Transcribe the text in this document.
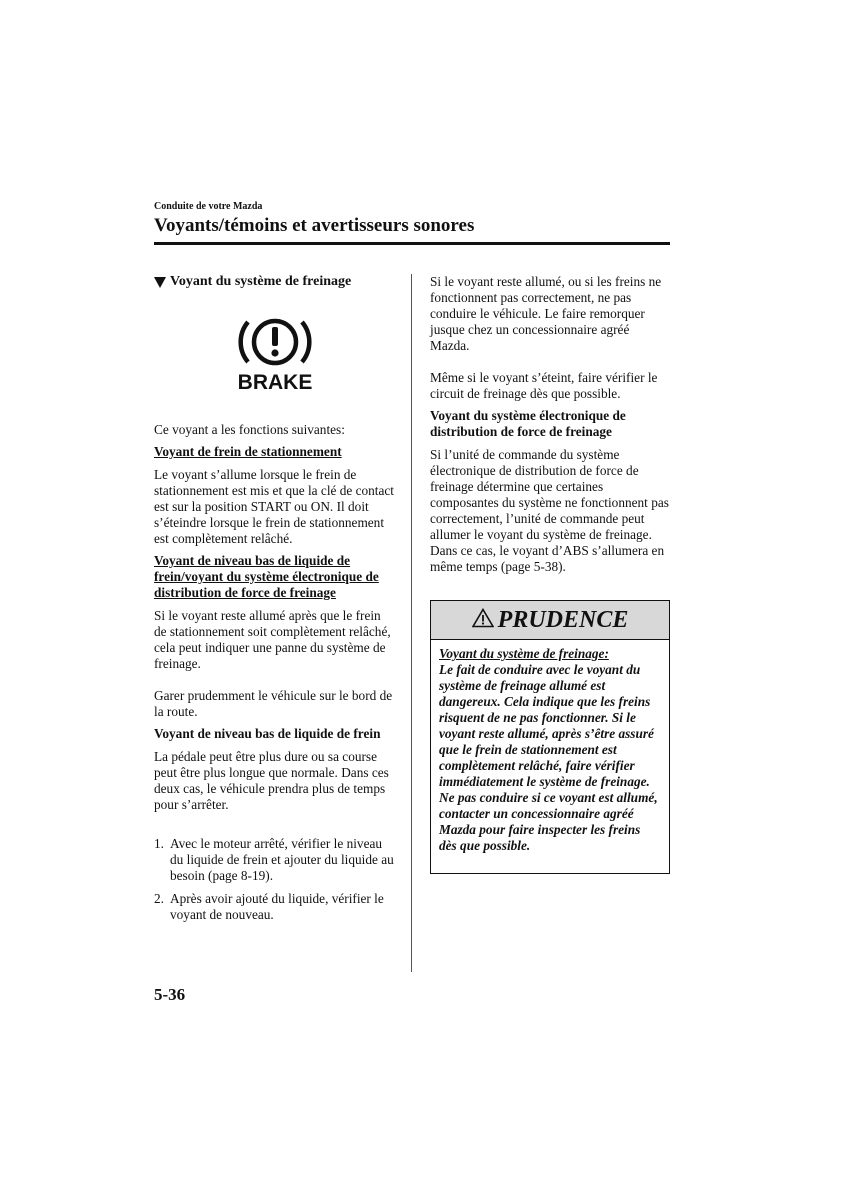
Conduite de votre Mazda
Voyants/témoins et avertisseurs sonores
Voyant du système de freinage
BRAKE

Ce voyant a les fonctions suivantes:

Voyant de frein de stationnement

Le voyant s’allume lorsque le frein de stationnement est mis et que la clé de contact est sur la position START ou ON. Il doit s’éteindre lorsque le frein de stationnement est complètement relâché.

Voyant de niveau bas de liquide de frein/voyant du système électronique de distribution de force de freinage

Si le voyant reste allumé après que le frein de stationnement soit complètement relâché, cela peut indiquer une panne du système de freinage.

Garer prudemment le véhicule sur le bord de la route.

Voyant de niveau bas de liquide de frein

La pédale peut être plus dure ou sa course peut être plus longue que normale. Dans ces deux cas, le véhicule prendra plus de temps pour s’arrêter.

1. Avec le moteur arrêté, vérifier le niveau du liquide de frein et ajouter du liquide au besoin (page 8-19).
2. Après avoir ajouté du liquide, vérifier le voyant de nouveau.

Si le voyant reste allumé, ou si les freins ne fonctionnent pas correctement, ne pas conduire le véhicule. Le faire remorquer jusque chez un concessionnaire agréé Mazda.

Même si le voyant s’éteint, faire vérifier le circuit de freinage dès que possible.

Voyant du système électronique de distribution de force de freinage

Si l’unité de commande du système électronique de distribution de force de freinage détermine que certaines composantes du système ne fonctionnent pas correctement, l’unité de commande peut allumer le voyant du système de freinage.

Dans ce cas, le voyant d’ABS s’allumera en même temps (page 5-38).

PRUDENCE
Voyant du système de freinage:
Le fait de conduire avec le voyant du système de freinage allumé est dangereux. Cela indique que les freins risquent de ne pas fonctionner. Si le voyant reste allumé, après s’être assuré que le frein de stationnement est complètement relâché, faire vérifier immédiatement le système de freinage. Ne pas conduire si ce voyant est allumé, contacter un concessionnaire agréé Mazda pour faire inspecter les freins dès que possible.
5-36
